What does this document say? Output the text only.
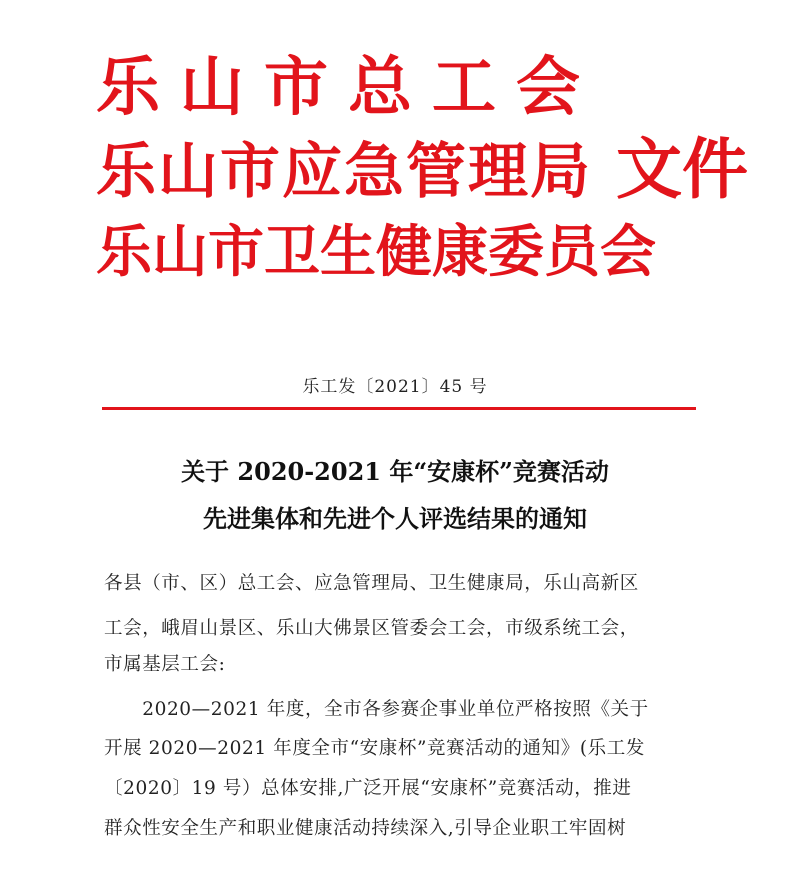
乐山市总工会
乐山市应急管理局
乐山市卫生健康委员会
文件
乐工发〔2021〕45 号
关于 2020-2021 年“安康杯”竞赛活动
先进集体和先进个人评选结果的通知
各县（市、区）总工会、应急管理局、卫生健康局，乐山高新区
工会，峨眉山景区、乐山大佛景区管委会工会，市级系统工会，
市属基层工会:
　　2020—2021 年度，全市各参赛企事业单位严格按照《关于
开展 2020—2021 年度全市“安康杯”竞赛活动的通知》(乐工发
〔2020〕19 号）总体安排,广泛开展“安康杯”竞赛活动，推进
群众性安全生产和职业健康活动持续深入,引导企业职工牢固树
